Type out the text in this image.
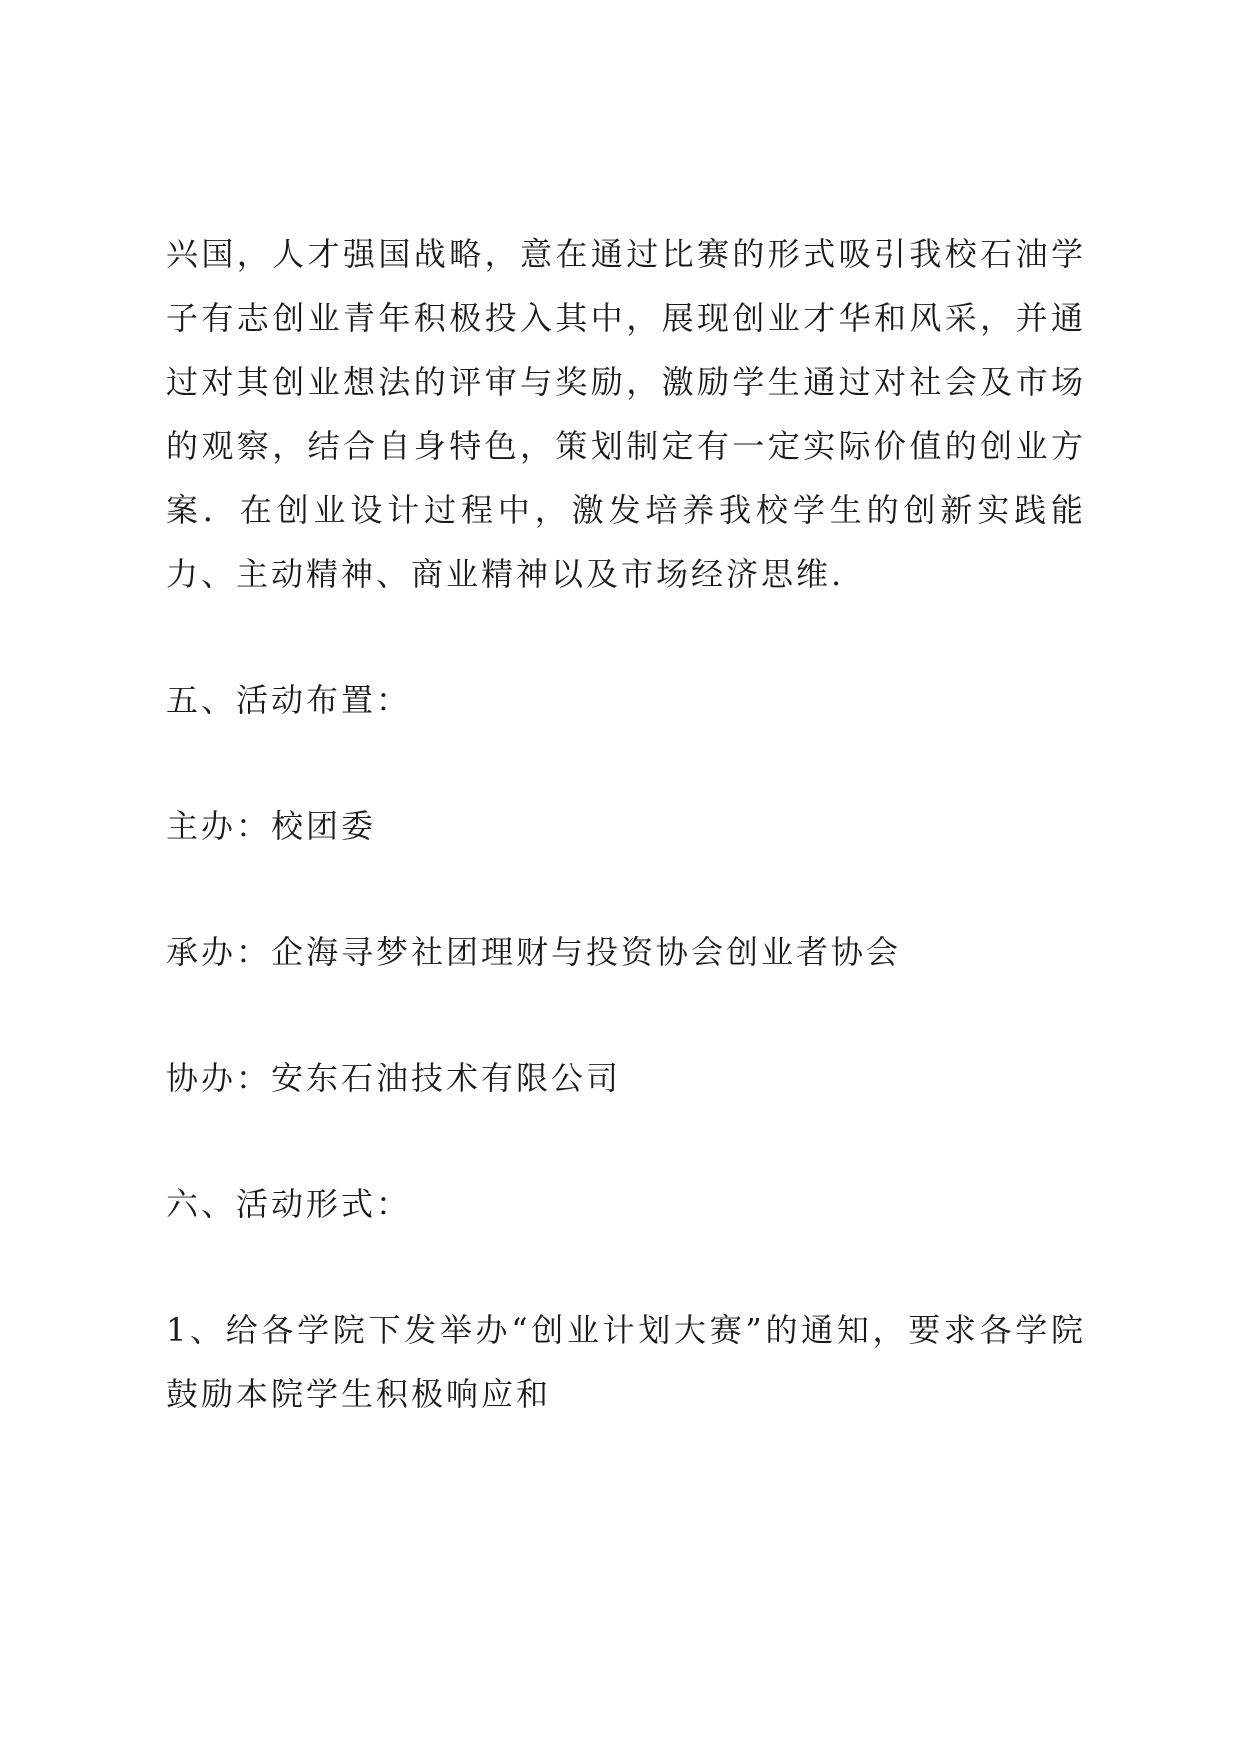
兴国，人才强国战略，意在通过比赛的形式吸引我校石油学子有志创业青年积极投入其中，展现创业才华和风采，并通过对其创业想法的评审与奖励，激励学生通过对社会及市场的观察，结合自身特色，策划制定有一定实际价值的创业方案．在创业设计过程中，激发培养我校学生的创新实践能力、主动精神、商业精神以及市场经济思维.

五、活动布置：

主办：校团委

承办：企海寻梦社团理财与投资协会创业者协会

协办：安东石油技术有限公司

六、活动形式：

1、给各学院下发举办“创业计划大赛”的通知，要求各学院鼓励本院学生积极响应和
